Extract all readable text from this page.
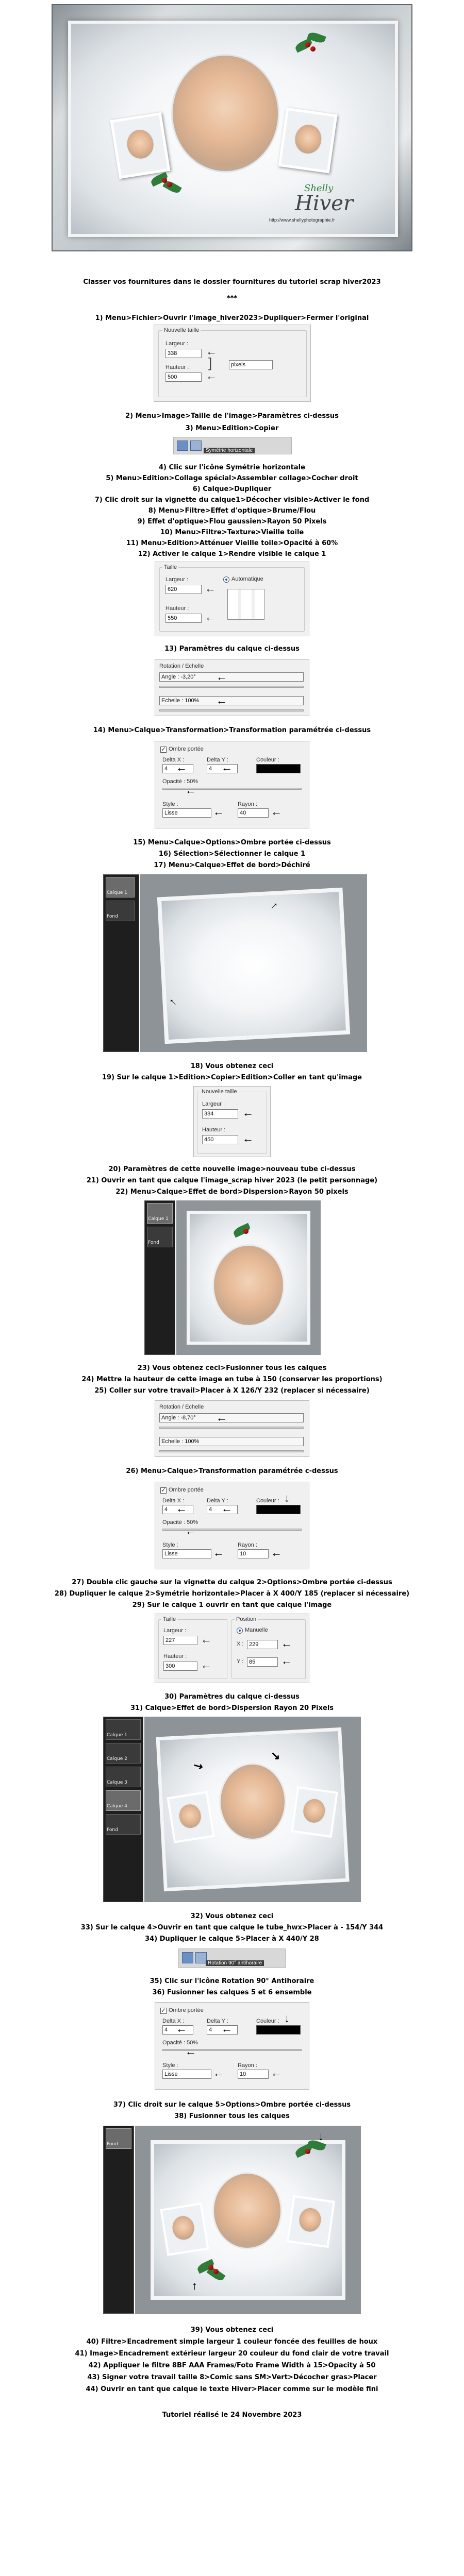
Shelly
Hiver
http://www.shellyphotographie.fr
Classer vos fournitures dans le dossier fournitures du tutoriel scrap hiver2023
***
1) Menu>Fichier>Ouvrir l'image_hiver2023>Dupliquer>Fermer l'original
Nouvelle taille
Largeur :
338
Hauteur :
500
pixels
]
←
←
2) Menu>Image>Taille de l'image>Paramètres ci-dessus
3) Menu>Edition>Copier
Symétrie horizontale
4) Clic sur l'icône Symétrie horizontale
5) Menu>Edition>Collage spécial>Assembler collage>Cocher droit
6) Calque>Dupliquer
7) Clic droit sur la vignette du calque1>Décocher visible>Activer le fond
8) Menu>Filtre>Effet d'optique>Brume/Flou
9) Effet d'optique>Flou gaussien>Rayon 50 Pixels
10) Menu>Filtre>Texture>Vieille toile
11) Menu>Edition>Atténuer Vieille toile>Opacité à 60%
12) Activer le calque 1>Rendre visible le calque 1
Taille
Largeur :
620
Hauteur :
550
Automatique
←
←
13) Paramètres du calque ci-dessus
Rotation / Echelle
Angle : -3,20°
Echelle : 100%
←
←
14) Menu>Calque>Transformation>Transformation paramétrée ci-dessus
✓
Ombre portée
Delta X :
4
Delta Y :
4
Couleur :
Opacité : 50%
Style :
Lisse
Rayon :
40
←	←
←
←	←
15) Menu>Calque>Options>Ombre portée ci-dessus
16) Sélection>Sélectionner le calque 1
17) Menu>Calque>Effet de bord>Déchiré
Calque 1
Fond
↑
←
18) Vous obtenez ceci
19) Sur le calque 1>Edition>Copier>Edition>Coller en tant qu'image
Nouvelle taille
Largeur :
384
Hauteur :
450
←
←
20) Paramètres de cette nouvelle image>nouveau tube ci-dessus
21) Ouvrir en tant que calque l'image_scrap hiver 2023 (le petit personnage)
22) Menu>Calque>Effet de bord>Dispersion>Rayon 50 pixels
Calque 1
Fond
23) Vous obtenez ceci>Fusionner tous les calques
24) Mettre la hauteur de cette image en tube à 150 (conserver les proportions)
25) Coller sur votre travail>Placer à X 126/Y 232 (replacer si nécessaire)
Rotation / Echelle
Angle : -8,70°
Echelle : 100%
←
26) Menu>Calque>Transformation paramétrée c-dessus
✓
Ombre portée
Delta X :
4
Delta Y :
4
Couleur :
Opacité : 50%
Style :
Lisse
Rayon :
10
←	←
↓
←
←	←
27) Double clic gauche sur la vignette du calque 2>Options>Ombre portée ci-dessus
28) Dupliquer le calque 2>Symétrie horizontale>Placer à X 400/Y 185 (replacer si nécessaire)
29) Sur le calque 1 ouvrir en tant que calque l'image
Taille
Largeur :
227
Hauteur :
300
←
←
Position
Manuelle
X : 229
Y : 85
←
←
30) Paramètres du calque ci-dessus
31) Calque>Effet de bord>Dispersion Rayon 20 Pixels
Calque 1
Calque 2
Calque 3
Calque 4
Fond
↘
↘
32) Vous obtenez ceci
33) Sur le calque 4>Ouvrir en tant que calque le tube_hwx>Placer à - 154/Y 344
34) Dupliquer le calque 5>Placer à X 440/Y 28
Rotation 90° antihoraire
35) Clic sur l'icône Rotation 90° Antihoraire
36) Fusionner les calques 5 et 6 ensemble
✓
Ombre portée
Delta X :
4
Delta Y :
4
Couleur :
Opacité : 50%
Style :
Lisse
Rayon :
10
←	←
↓
←
←	←
37) Clic droit sur le calque 5>Options>Ombre portée ci-dessus
38) Fusionner tous les calques
Fond
↓
↑
39) Vous obtenez ceci
40) Filtre>Encadrement simple largeur 1 couleur foncée des feuilles de houx
41) Image>Encadrement extérieur largeur 20 couleur du fond clair de votre travail
42) Appliquer le filtre 8BF AAA Frames/Foto Frame Width à 15>Opacity à 50
43) Signer votre travail taille 8>Comic sans SM>Vert>Décocher gras>Placer
44) Ouvrir en tant que calque le texte Hiver>Placer comme sur le modèle fini
Tutoriel réalisé le 24 Novembre 2023
